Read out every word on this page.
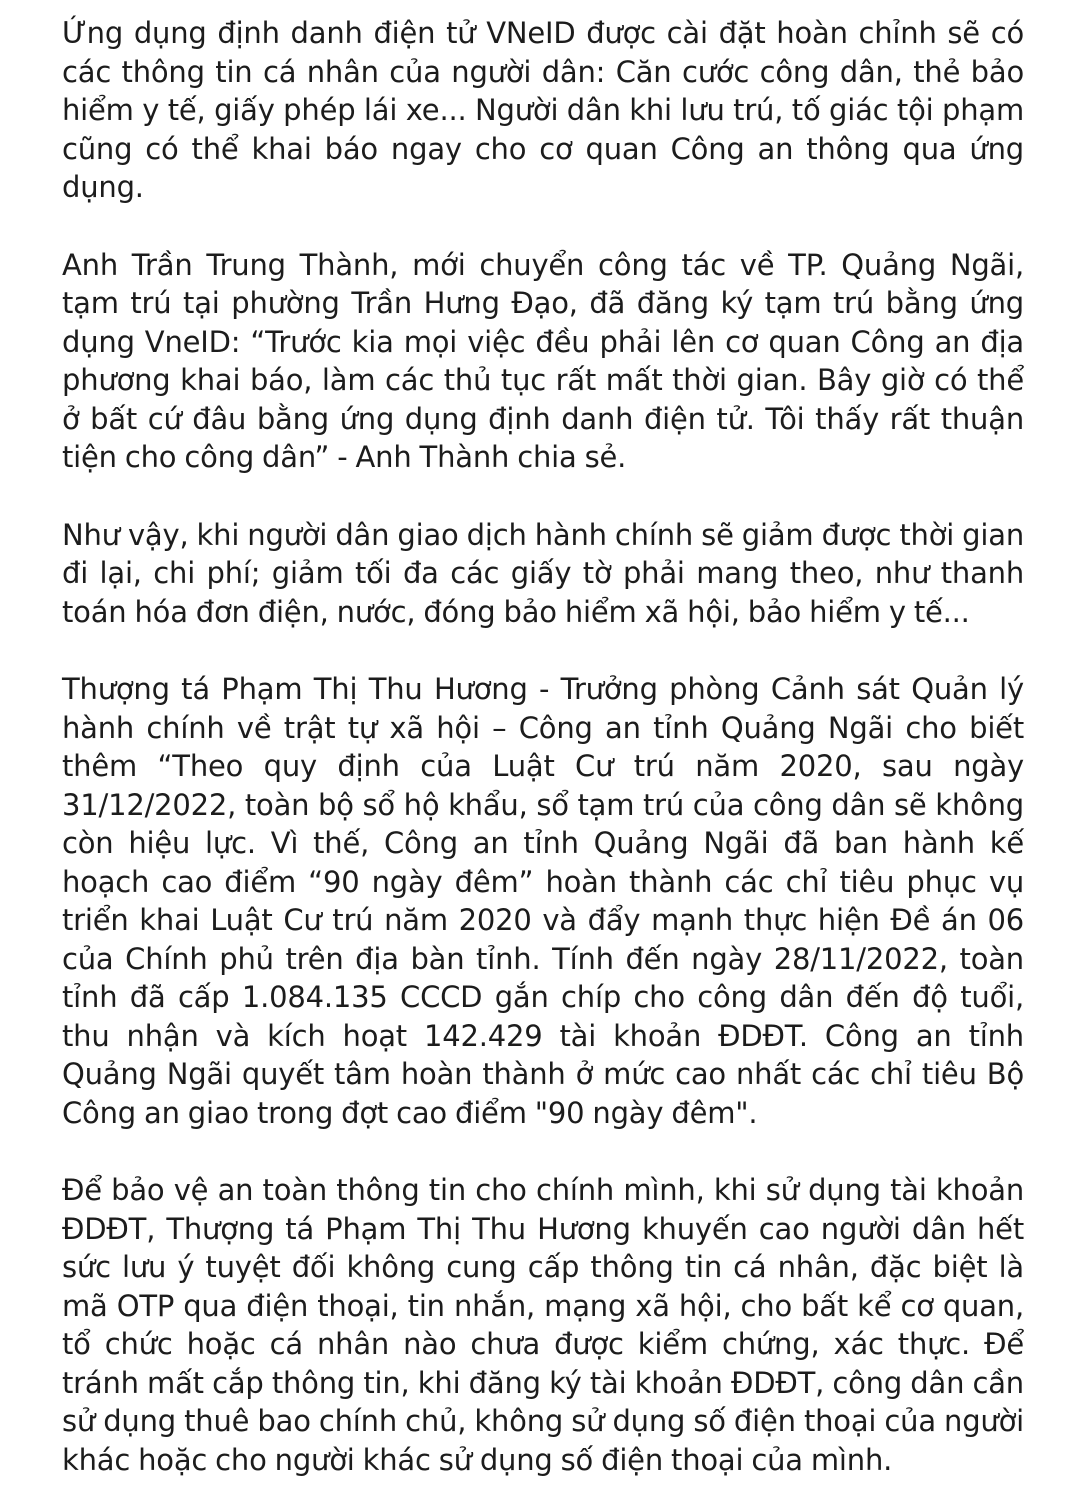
Ứng dụng định danh điện tử VNeID được cài đặt hoàn chỉnh sẽ có các thông tin cá nhân của người dân: Căn cước công dân, thẻ bảo hiểm y tế, giấy phép lái xe... Người dân khi lưu trú, tố giác tội phạm cũng có thể khai báo ngay cho cơ quan Công an thông qua ứng dụng.

Anh Trần Trung Thành, mới chuyển công tác về TP. Quảng Ngãi, tạm trú tại phường Trần Hưng Đạo, đã đăng ký tạm trú bằng ứng dụng VneID: “Trước kia mọi việc đều phải lên cơ quan Công an địa phương khai báo, làm các thủ tục rất mất thời gian. Bây giờ có thể ở bất cứ đâu bằng ứng dụng định danh điện tử. Tôi thấy rất thuận tiện cho công dân” - Anh Thành chia sẻ.

Như vậy, khi người dân giao dịch hành chính sẽ giảm được thời gian đi lại, chi phí; giảm tối đa các giấy tờ phải mang theo, như thanh toán hóa đơn điện, nước, đóng bảo hiểm xã hội, bảo hiểm y tế...

Thượng tá Phạm Thị Thu Hương - Trưởng phòng Cảnh sát Quản lý hành chính về trật tự xã hội – Công an tỉnh Quảng Ngãi cho biết thêm “Theo quy định của Luật Cư trú năm 2020, sau ngày 31/12/2022, toàn bộ sổ hộ khẩu, sổ tạm trú của công dân sẽ không còn hiệu lực. Vì thế, Công an tỉnh Quảng Ngãi đã ban hành kế hoạch cao điểm “90 ngày đêm” hoàn thành các chỉ tiêu phục vụ triển khai Luật Cư trú năm 2020 và đẩy mạnh thực hiện Đề án 06 của Chính phủ trên địa bàn tỉnh. Tính đến ngày 28/11/2022, toàn tỉnh đã cấp 1.084.135 CCCD gắn chíp cho công dân đến độ tuổi, thu nhận và kích hoạt 142.429 tài khoản ĐDĐT. Công an tỉnh Quảng Ngãi quyết tâm hoàn thành ở mức cao nhất các chỉ tiêu Bộ Công an giao trong đợt cao điểm "90 ngày đêm".

Để bảo vệ an toàn thông tin cho chính mình, khi sử dụng tài khoản ĐDĐT, Thượng tá Phạm Thị Thu Hương khuyến cao người dân hết sức lưu ý tuyệt đối không cung cấp thông tin cá nhân, đặc biệt là mã OTP qua điện thoại, tin nhắn, mạng xã hội, cho bất kể cơ quan, tổ chức hoặc cá nhân nào chưa được kiểm chứng, xác thực. Để tránh mất cắp thông tin, khi đăng ký tài khoản ĐDĐT, công dân cần sử dụng thuê bao chính chủ, không sử dụng số điện thoại của người khác hoặc cho người khác sử dụng số điện thoại của mình.
